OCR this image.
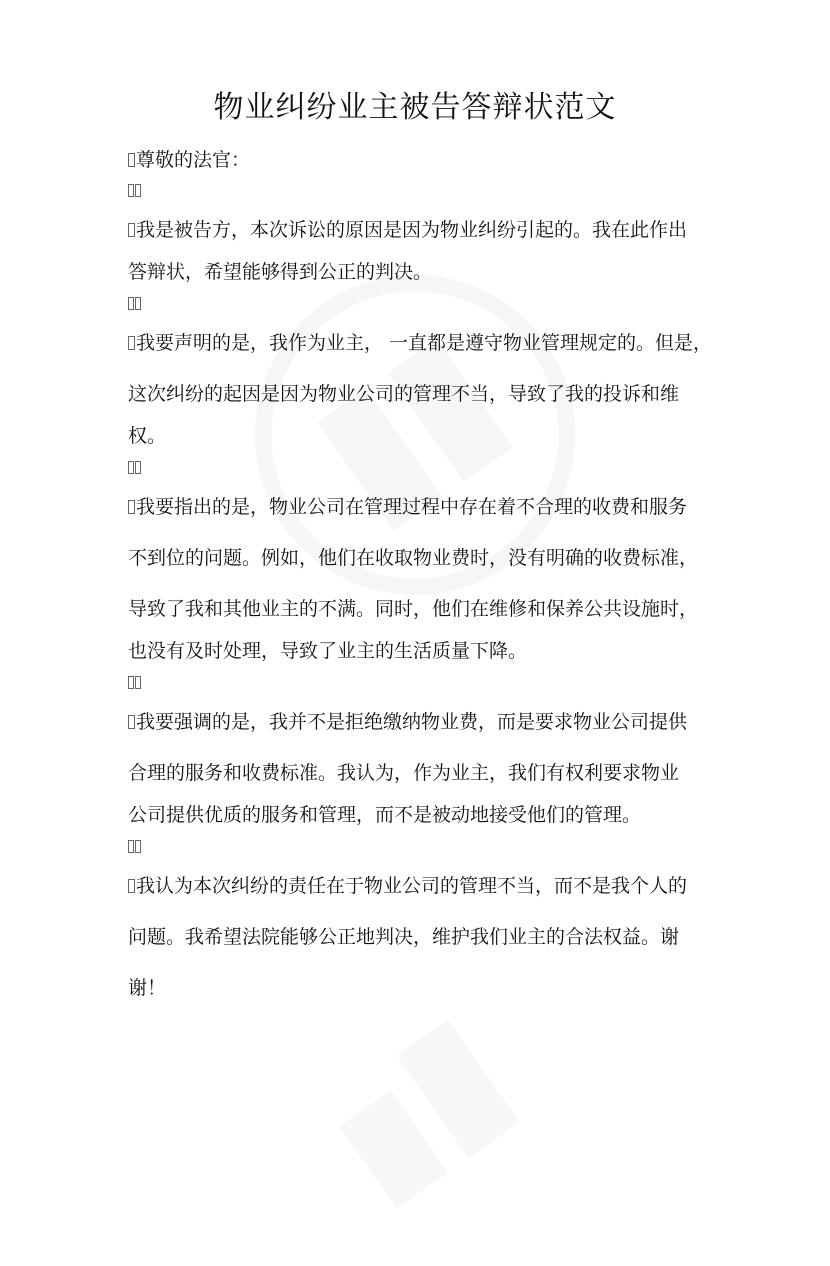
物业纠纷业主被告答辩状范文
尊敬的法官：
我是被告方，本次诉讼的原因是因为物业纠纷引起的。我在此作出
答辩状，希望能够得到公正的判决。
我要声明的是，我作为业主， 一直都是遵守物业管理规定的。但是，
这次纠纷的起因是因为物业公司的管理不当，导致了我的投诉和维
权。
我要指出的是，物业公司在管理过程中存在着不合理的收费和服务
不到位的问题。例如，他们在收取物业费时，没有明确的收费标准，
导致了我和其他业主的不满。同时，他们在维修和保养公共设施时，
也没有及时处理，导致了业主的生活质量下降。
我要强调的是，我并不是拒绝缴纳物业费，而是要求物业公司提供
合理的服务和收费标准。我认为，作为业主，我们有权利要求物业
公司提供优质的服务和管理，而不是被动地接受他们的管理。
我认为本次纠纷的责任在于物业公司的管理不当，而不是我个人的
问题。我希望法院能够公正地判决，维护我们业主的合法权益。谢
谢！
